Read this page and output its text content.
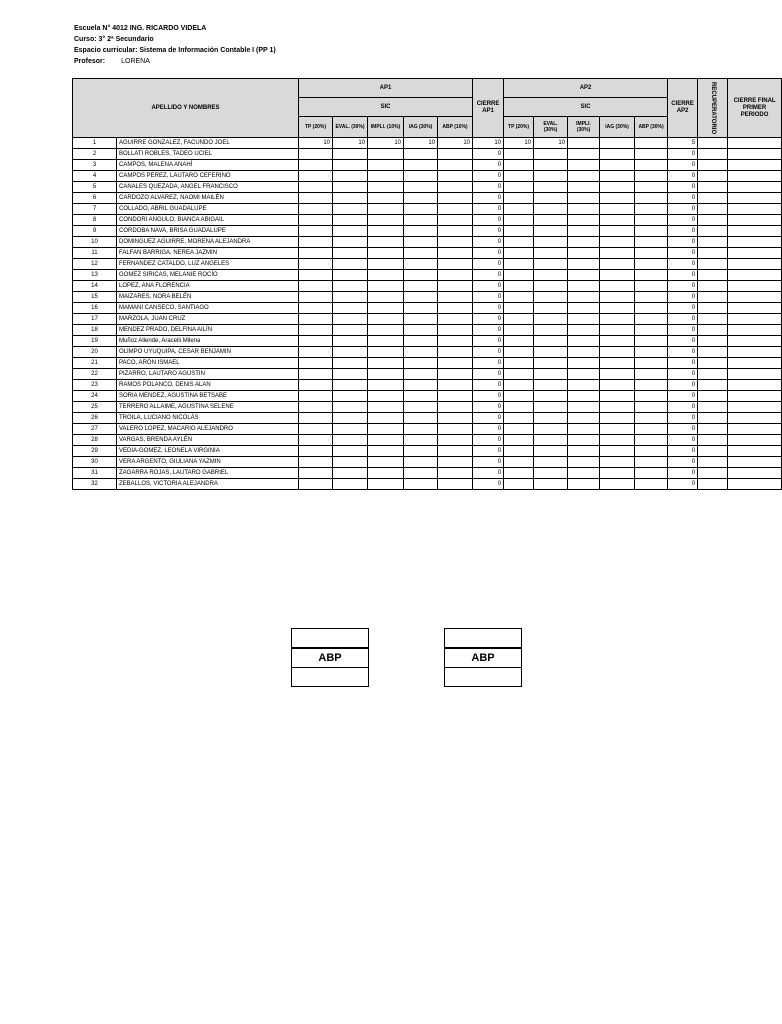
Escuela N° 4012 ING. RICARDO VIDELA
Curso: 3° 2ª Secundario
Espacio curricular: Sistema de Información Contable I (PP 1)
Profesor: LORENA
APELLIDO Y NOMBRES		AP1					CIERRE AP1	AP2					CIERRE AP2	RECUPERATORIO	CIERRE FINAL PRIMER PERIODO
		SIC						SIC							
		TP (20%)	EVAL. (30%)	IMPLI. (10%)	IAG (30%)	ABP (10%)		TP (20%)	EVAL. (30%)	IMPLI. (30%)	IAG (30%)	ABP (30%)			
1	AGUIRRE GONZALEZ, FACUNDO JOEL	10	10	10	10	10	10	10	10				5		
2	BOLLATI ROBLES, TADEO UCIEL						0						0		
3	CAMPOS, MALENA ANAHÍ						0						0		
4	CAMPOS PEREZ, LAUTARO CEFERINO						0						0		
5	CANALES QUEZADA, ANGEL FRANCISCO						0						0		
6	CARDOZO ALVAREZ, NAOMI MAILÉN						0						0		
7	COLLADO, ABRIL GUADALUPE						0						0		
8	CONDORI ANGULO, BIANCA ABIGAIL						0						0		
9	CORDOBA NAVA, BRISA GUADALUPE						0						0		
10	DOMINGUEZ AGUIRRE, MORENA ALEJANDRA						0						0		
11	FALFAN BARRIGA, NEREA JAZMIN						0						0		
12	FERNANDEZ CATALDO, LUZ ANGELES						0						0		
13	GOMEZ SIRICAS, MELANIE ROCÍO						0						0		
14	LOPEZ, ANA FLORENCIA						0						0		
15	MAIZARES, NORA BELÉN						0						0		
16	MAMANI CANSECO, SANTIAGO						0						0		
17	MARZOLA, JUAN CRUZ						0						0		
18	MENDEZ PRADO, DELFINA AILÍN						0						0		
19	Muñoz Allende, Aracelli Milena						0						0		
20	OLIMPO UYUQUIPA, CESAR BENJAMIN						0						0		
21	PACO, ARÓN ISMAEL						0						0		
22	PIZARRO, LAUTARO AGUSTIN						0						0		
23	RAMOS POLANCO, DENIS ALAN						0						0		
24	SORIA MENDEZ, AGUSTINA BETSABE						0						0		
25	TERRERO ALLAIME, AGUSTINA SELENE						0						0		
26	TROILA, LUCIANO NICOLÁS						0						0		
27	VALERO LOPEZ, MACARIO ALEJANDRO						0						0		
28	VARGAS, BRENDA AYLÉN						0						0		
29	VEDIA-GOMEZ, LEONELA VIRGINIA						0						0		
30	VERA ARGENTO, GIULIANA YAZMIN						0						0		
31	ZAGARRA ROJAS, LAUTARO GABRIEL						0						0		
32	ZEBALLOS, VICTORIA ALEJANDRA						0						0		
ABP	ABP
